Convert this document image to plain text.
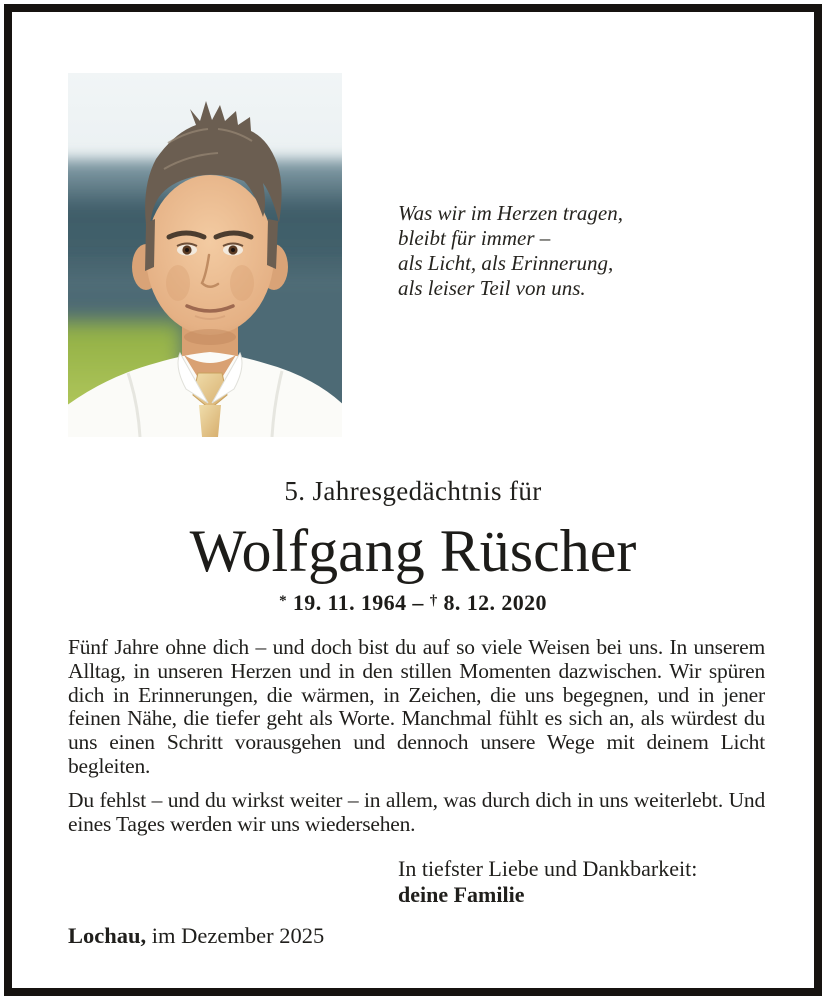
Was wir im Herzen tragen,
bleibt für immer –
als Licht, als Erinnerung,
als leiser Teil von uns.
5. Jahresgedächtnis für
Wolfgang Rüscher
* 19. 11. 1964 – † 8. 12. 2020

Fünf Jahre ohne dich – und doch bist du auf so viele Weisen bei uns. In unserem Alltag, in unseren Herzen und in den stillen Momenten dazwischen. Wir spüren dich in Erinnerungen, die wärmen, in Zeichen, die uns begegnen, und in jener feinen Nähe, die tiefer geht als Worte. Manchmal fühlt es sich an, als würdest du uns einen Schritt vorausgehen und dennoch unsere Wege mit deinem Licht begleiten.

Du fehlst – und du wirkst weiter – in allem, was durch dich in uns weiterlebt. Und eines Tages werden wir uns wiedersehen.

In tiefster Liebe und Dankbarkeit:
deine Familie
Lochau, im Dezember 2025
